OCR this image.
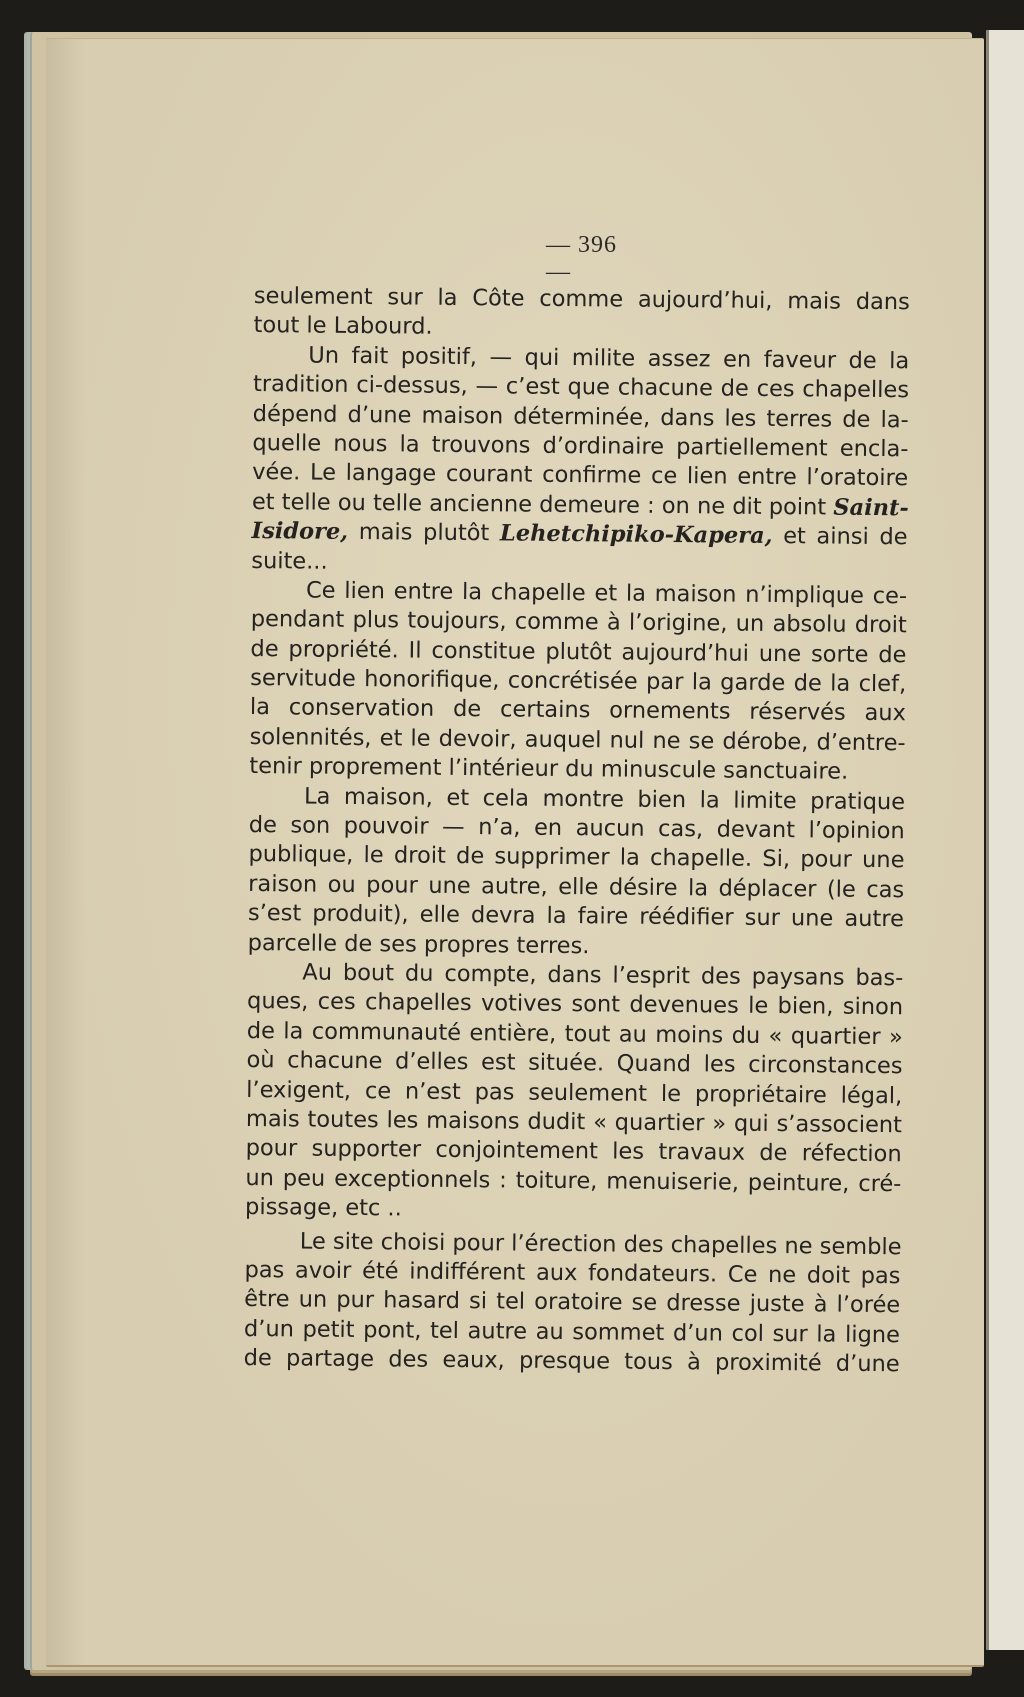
— 396 —
seulement sur la Côte comme aujourd’hui, mais dans
tout le Labourd.
Un fait positif, — qui milite assez en faveur de la
tradition ci-dessus, — c’est que chacune de ces chapelles
dépend d’une maison déterminée, dans les terres de la-
quelle nous la trouvons d’ordinaire partiellement encla-
vée. Le langage courant confirme ce lien entre l’oratoire
et telle ou telle ancienne demeure : on ne dit point Saint-
Isidore, mais plutôt Lehetchipiko-Kapera, et ainsi de
suite...
Ce lien entre la chapelle et la maison n’implique ce-
pendant plus toujours, comme à l’origine, un absolu droit
de propriété. Il constitue plutôt aujourd’hui une sorte de
servitude honorifique, concrétisée par la garde de la clef,
la conservation de certains ornements réservés aux
solennités, et le devoir, auquel nul ne se dérobe, d’entre-
tenir proprement l’intérieur du minuscule sanctuaire.
La maison, et cela montre bien la limite pratique
de son pouvoir — n’a, en aucun cas, devant l’opinion
publique, le droit de supprimer la chapelle. Si, pour une
raison ou pour une autre, elle désire la déplacer (le cas
s’est produit), elle devra la faire réédifier sur une autre
parcelle de ses propres terres.
Au bout du compte, dans l’esprit des paysans bas-
ques, ces chapelles votives sont devenues le bien, sinon
de la communauté entière, tout au moins du « quartier »
où chacune d’elles est située. Quand les circonstances
l’exigent, ce n’est pas seulement le propriétaire légal,
mais toutes les maisons dudit « quartier » qui s’associent
pour supporter conjointement les travaux de réfection
un peu exceptionnels : toiture, menuiserie, peinture, cré-
pissage, etc ..
Le site choisi pour l’érection des chapelles ne semble
pas avoir été indifférent aux fondateurs. Ce ne doit pas
être un pur hasard si tel oratoire se dresse juste à l’orée
d’un petit pont, tel autre au sommet d’un col sur la ligne
de partage des eaux, presque tous à proximité d’une
